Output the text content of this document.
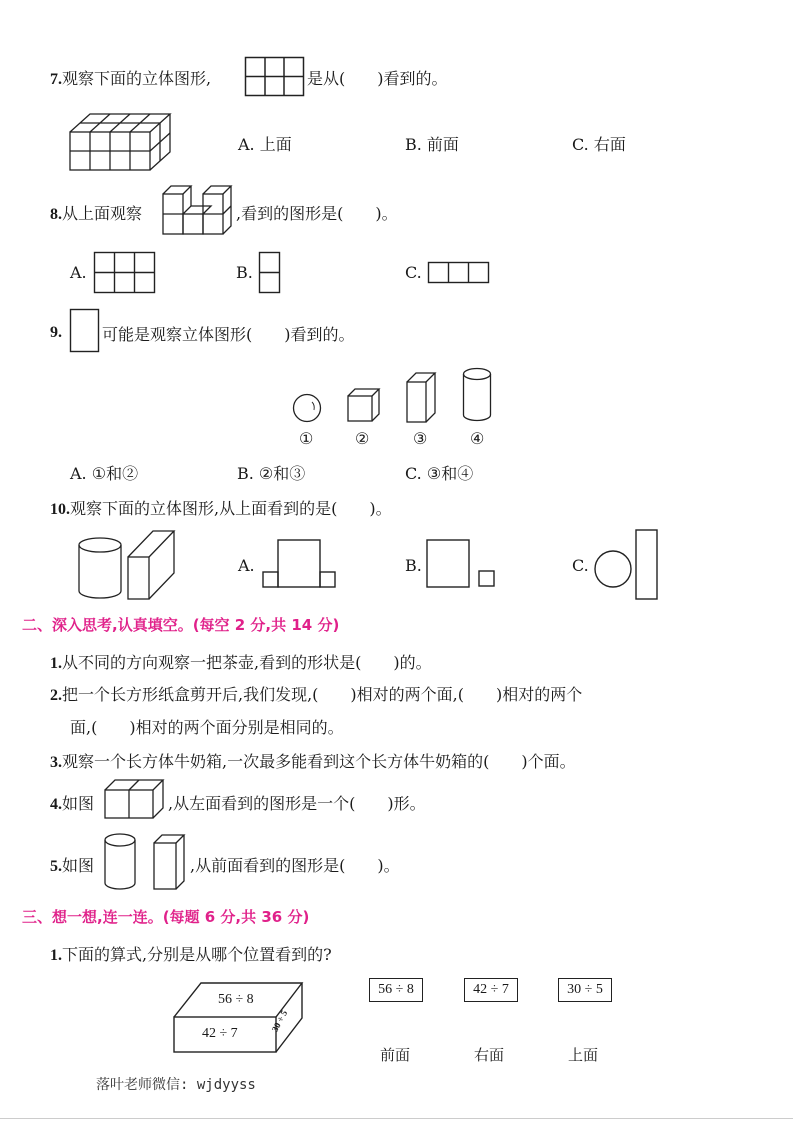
7.观察下面的立体图形,	是从(　　)看到的。
A. 上面	B. 前面	C. 右面
8.从上面观察	,看到的图形是(　　)。
A.	B.	C.
9.	可能是观察立体图形(　　)看到的。
①	②	③	④
A. ①和②	B. ②和③	C. ③和④
10.观察下面的立体图形,从上面看到的是(　　)。
A.	B.	C.
二、深入思考,认真填空。(每空 2 分,共 14 分)
1.从不同的方向观察一把茶壶,看到的形状是(　　)的。
2.把一个长方形纸盒剪开后,我们发现,(　　)相对的两个面,(　　)相对的两个
面,(　　)相对的两个面分别是相同的。
3.观察一个长方体牛奶箱,一次最多能看到这个长方体牛奶箱的(　　)个面。
4.如图	,从左面看到的图形是一个(　　)形。
5.如图	,从前面看到的图形是(　　)。
三、想一想,连一连。(每题 6 分,共 36 分)
1.下面的算式,分别是从哪个位置看到的?
56 ÷ 8
42 ÷ 7
30 ÷ 5
56 ÷ 8	42 ÷ 7	30 ÷ 5
前面	右面	上面
落叶老师微信: wjdyyss
